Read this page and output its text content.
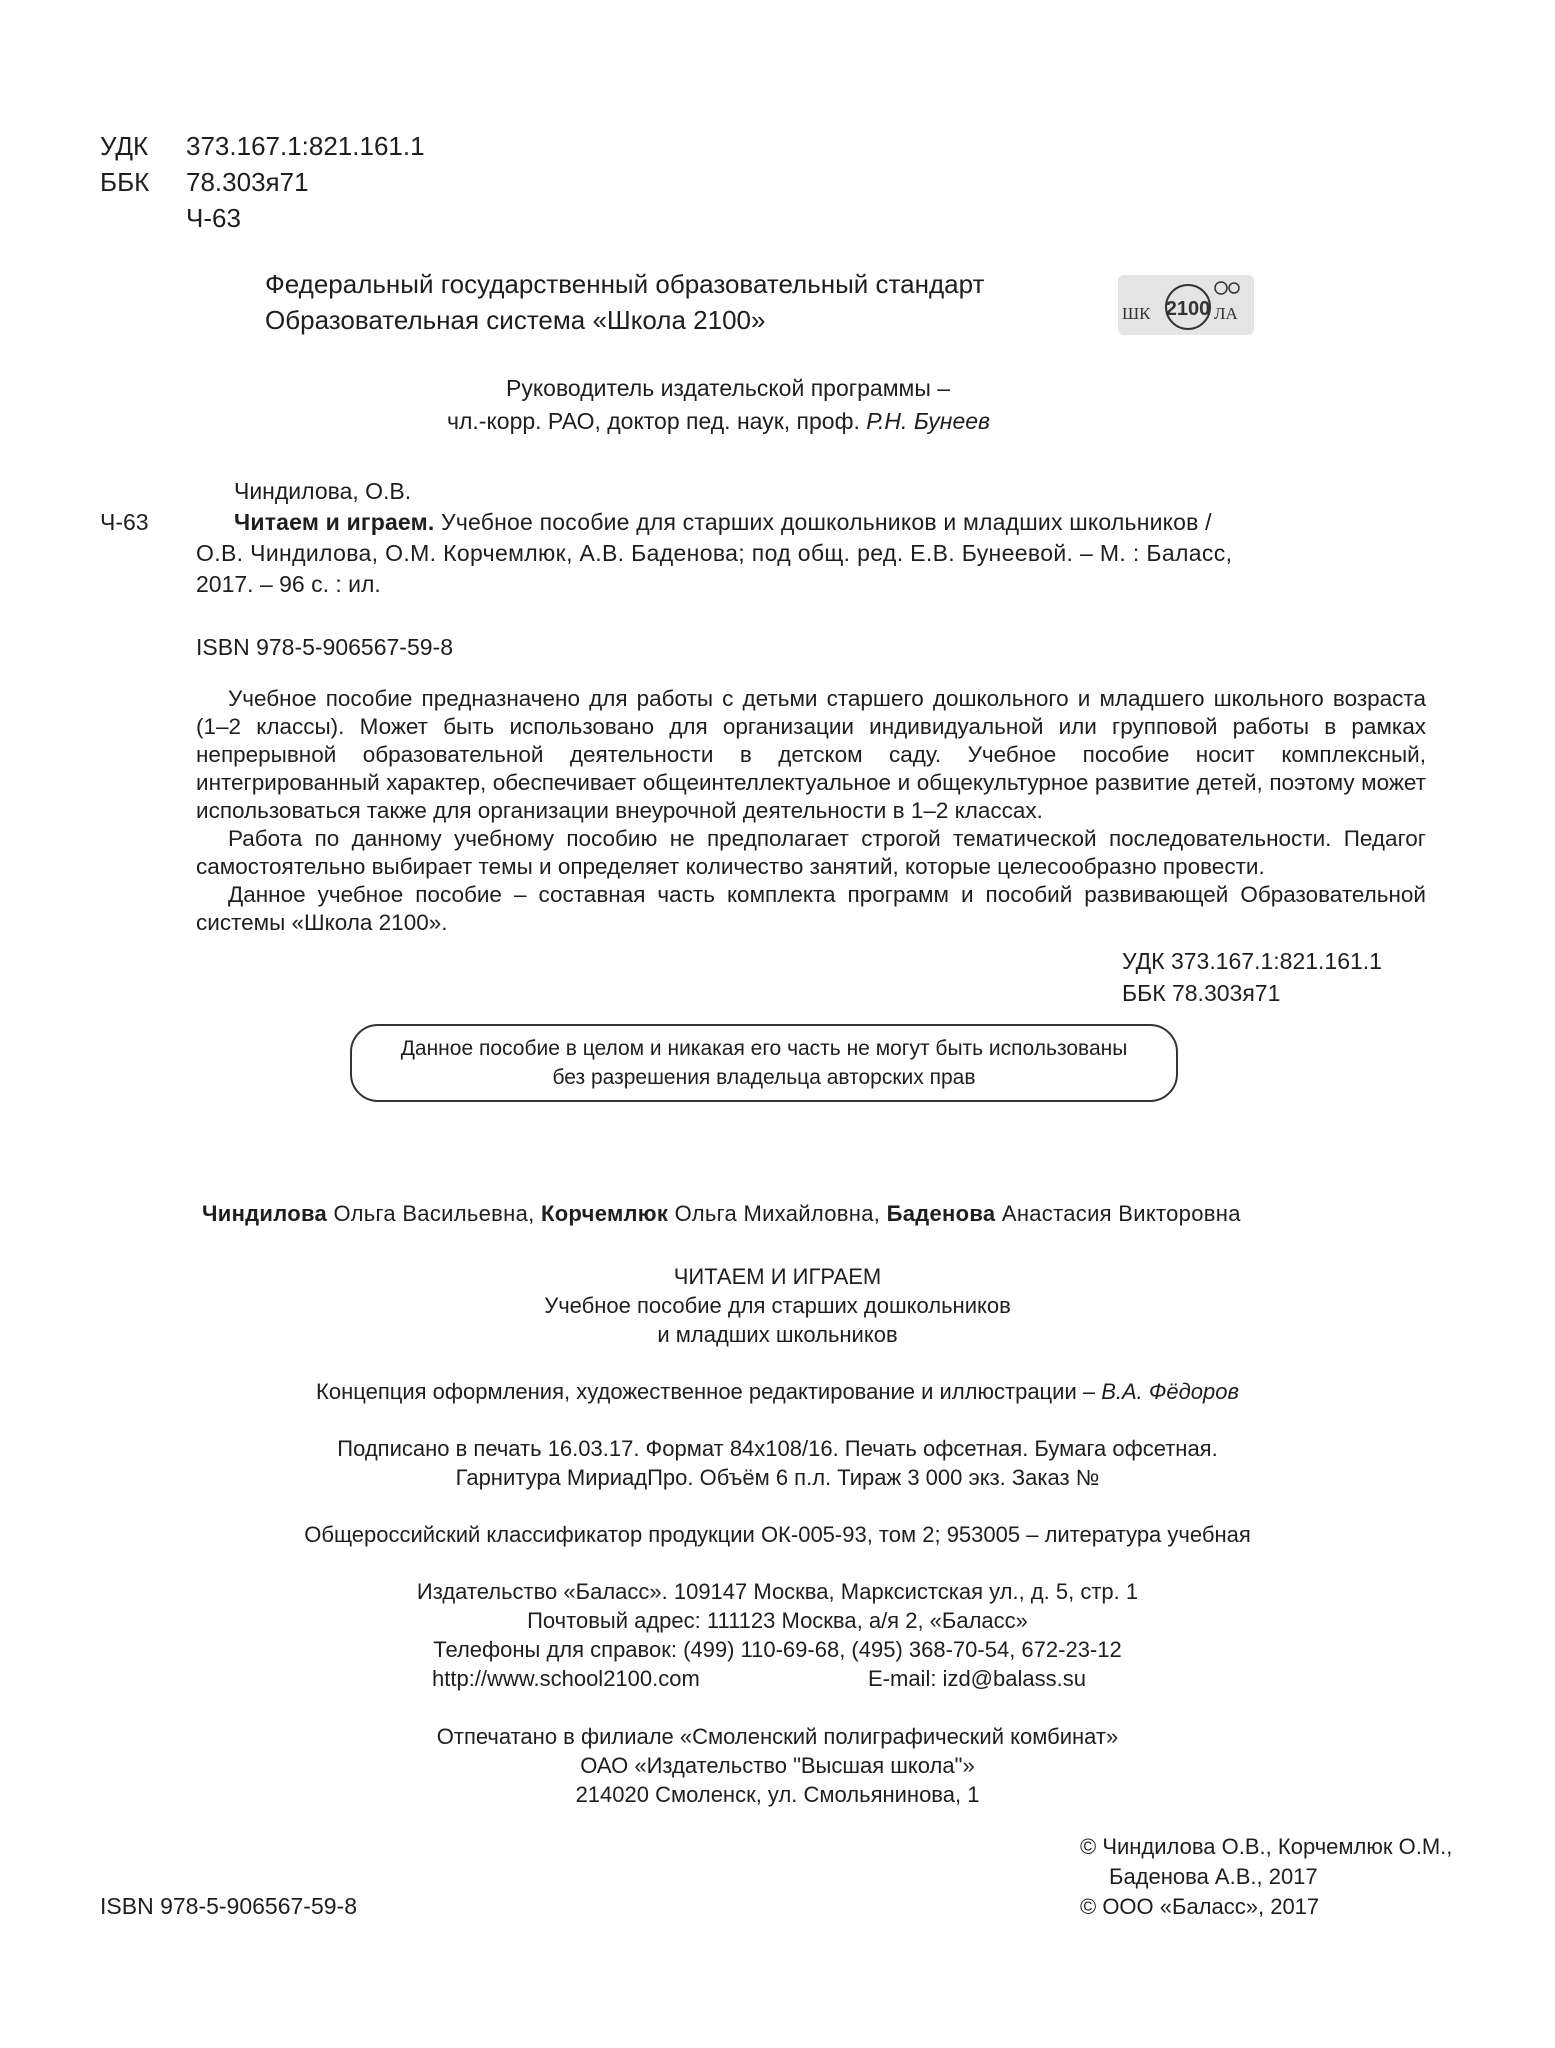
УДК 373.167.1:821.161.1
ББК 78.303я71
Ч-63
Федеральный государственный образовательный стандарт
Образовательная система «Школа 2100»	ШК 2100 ЛА
Руководитель издательской программы –
чл.-корр. РАО, доктор пед. наук, проф. Р.Н. Бунеев
Чиндилова, О.В.
Ч-63	Читаем и играем. Учебное пособие для старших дошкольников и младших школьников /
О.В. Чиндилова, О.М. Корчемлюк, А.В. Баденова; под общ. ред. Е.В. Бунеевой. – М. : Баласс,
2017. – 96 с. : ил.
ISBN 978-5-906567-59-8

Учебное пособие предназначено для работы с детьми старшего дошкольного и младшего школьного возраста (1–2 классы). Может быть использовано для организации индивидуальной или групповой работы в рамках непрерывной образовательной деятельности в детском саду. Учебное пособие носит комплексный, интегрированный характер, обеспечивает общеинтеллектуальное и общекультурное развитие детей, поэтому может использоваться также для организации внеурочной деятельности в 1–2 классах.

Работа по данному учебному пособию не предполагает строгой тематической последовательности. Педагог самостоятельно выбирает темы и определяет количество занятий, которые целесообразно провести.

Данное учебное пособие – составная часть комплекта программ и пособий развивающей Образовательной системы «Школа 2100».

УДК 373.167.1:821.161.1
ББК 78.303я71
Данное пособие в целом и никакая его часть не могут быть использованы
без разрешения владельца авторских прав
Чиндилова Ольга Васильевна, Корчемлюк Ольга Михайловна, Баденова Анастасия Викторовна
ЧИТАЕМ И ИГРАЕМ
Учебное пособие для старших дошкольников
и младших школьников
Концепция оформления, художественное редактирование и иллюстрации – В.А. Фёдоров
Подписано в печать 16.03.17. Формат 84x108/16. Печать офсетная. Бумага офсетная.
Гарнитура МириадПро. Объём 6 п.л. Тираж 3 000 экз. Заказ №
Общероссийский классификатор продукции ОК-005-93, том 2; 953005 – литература учебная
Издательство «Баласс». 109147 Москва, Марксистская ул., д. 5, стр. 1
Почтовый адрес: 111123 Москва, а/я 2, «Баласс»
Телефоны для справок: (499) 110-69-68, (495) 368-70-54, 672-23-12
http://www.school2100.com	E-mail: izd@balass.su
Отпечатано в филиале «Смоленский полиграфический комбинат»
ОАО «Издательство "Высшая школа"»
214020 Смоленск, ул. Смольянинова, 1
© Чиндилова О.В., Корчемлюк О.М.,
Баденова А.В., 2017
ISBN 978-5-906567-59-8	© ООО «Баласс», 2017
